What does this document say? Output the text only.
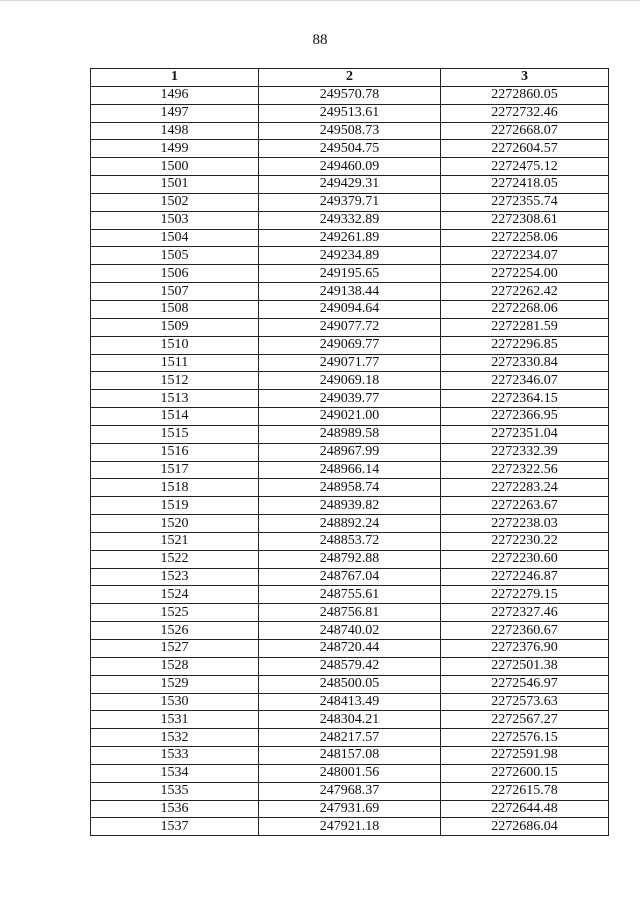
88
1	2	3
1496	249570.78	2272860.05
1497	249513.61	2272732.46
1498	249508.73	2272668.07
1499	249504.75	2272604.57
1500	249460.09	2272475.12
1501	249429.31	2272418.05
1502	249379.71	2272355.74
1503	249332.89	2272308.61
1504	249261.89	2272258.06
1505	249234.89	2272234.07
1506	249195.65	2272254.00
1507	249138.44	2272262.42
1508	249094.64	2272268.06
1509	249077.72	2272281.59
1510	249069.77	2272296.85
1511	249071.77	2272330.84
1512	249069.18	2272346.07
1513	249039.77	2272364.15
1514	249021.00	2272366.95
1515	248989.58	2272351.04
1516	248967.99	2272332.39
1517	248966.14	2272322.56
1518	248958.74	2272283.24
1519	248939.82	2272263.67
1520	248892.24	2272238.03
1521	248853.72	2272230.22
1522	248792.88	2272230.60
1523	248767.04	2272246.87
1524	248755.61	2272279.15
1525	248756.81	2272327.46
1526	248740.02	2272360.67
1527	248720.44	2272376.90
1528	248579.42	2272501.38
1529	248500.05	2272546.97
1530	248413.49	2272573.63
1531	248304.21	2272567.27
1532	248217.57	2272576.15
1533	248157.08	2272591.98
1534	248001.56	2272600.15
1535	247968.37	2272615.78
1536	247931.69	2272644.48
1537	247921.18	2272686.04
